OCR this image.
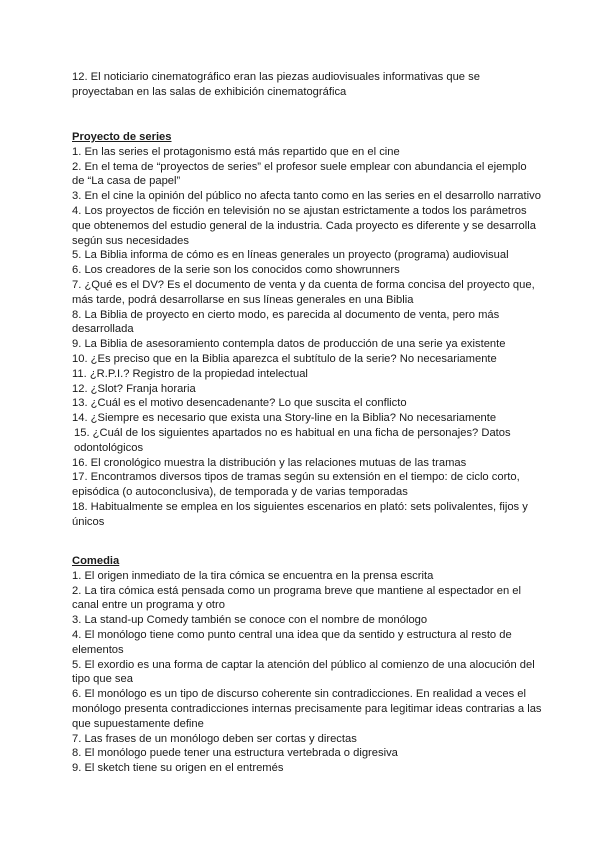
12. El noticiario cinematográfico eran las piezas audiovisuales informativas que se proyectaban en las salas de exhibición cinematográfica

Proyecto de series

1. En las series el protagonismo está más repartido que en el cine

2. En el tema de “proyectos de series” el profesor suele emplear con abundancia el ejemplo de “La casa de papel”

3. En el cine la opinión del público no afecta tanto como en las series en el desarrollo narrativo

4. Los proyectos de ficción en televisión no se ajustan estrictamente a todos los parámetros que obtenemos del estudio general de la industria. Cada proyecto es diferente y se desarrolla según sus necesidades

5. La Biblia informa de cómo es en líneas generales un proyecto (programa) audiovisual

6. Los creadores de la serie son los conocidos como showrunners

7. ¿Qué es el DV? Es el documento de venta y da cuenta de forma concisa del proyecto que, más tarde, podrá desarrollarse en sus líneas generales en una Biblia

8. La Biblia de proyecto en cierto modo, es parecida al documento de venta, pero más desarrollada

9. La Biblia de asesoramiento contempla datos de producción de una serie ya existente

10. ¿Es preciso que en la Biblia aparezca el subtítulo de la serie? No necesariamente

11. ¿R.P.I.? Registro de la propiedad intelectual

12. ¿Slot? Franja horaria

13. ¿Cuál es el motivo desencadenante? Lo que suscita el conflicto

14. ¿Siempre es necesario que exista una Story-line en la Biblia? No necesariamente

15. ¿Cuál de los siguientes apartados no es habitual en una ficha de personajes? Datos odontológicos

16. El cronológico muestra la distribución y las relaciones mutuas de las tramas

17. Encontramos diversos tipos de tramas según su extensión en el tiempo: de ciclo corto, episódica (o autoconclusiva), de temporada y de varias temporadas

18. Habitualmente se emplea en los siguientes escenarios en plató: sets polivalentes, fijos y únicos

Comedia

1. El origen inmediato de la tira cómica se encuentra en la prensa escrita

2. La tira cómica está pensada como un programa breve que mantiene al espectador en el canal entre un programa y otro

3. La stand-up Comedy también se conoce con el nombre de monólogo

4. El monólogo tiene como punto central una idea que da sentido y estructura al resto de elementos

5. El exordio es una forma de captar la atención del público al comienzo de una alocución del tipo que sea

6. El monólogo es un tipo de discurso coherente sin contradicciones. En realidad a veces el monólogo presenta contradicciones internas precisamente para legitimar ideas contrarias a las que supuestamente define

7. Las frases de un monólogo deben ser cortas y directas

8. El monólogo puede tener una estructura vertebrada o digresiva

9. El sketch tiene su origen en el entremés
